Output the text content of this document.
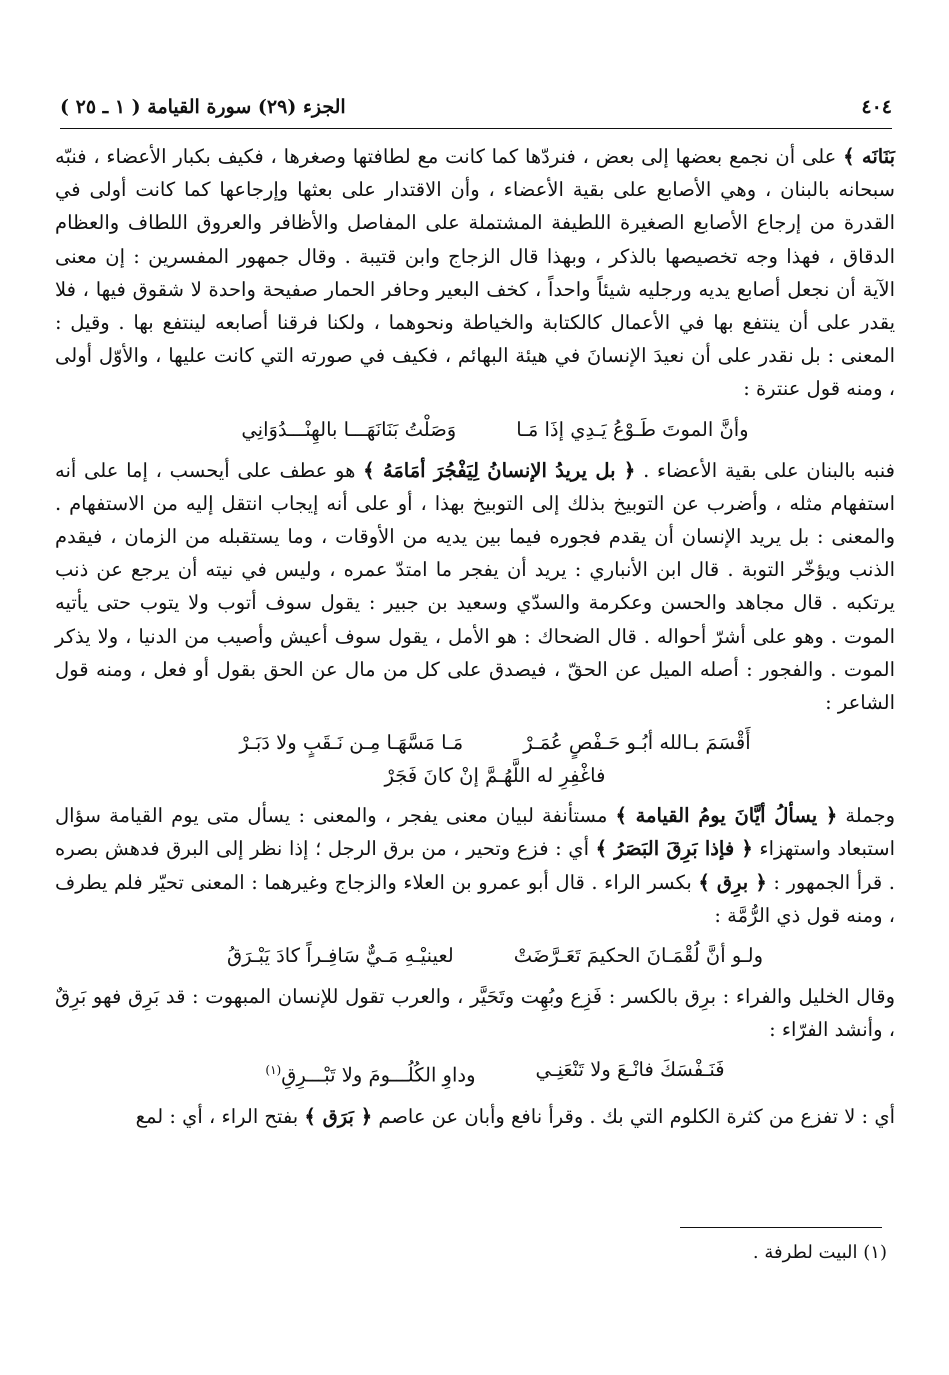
٤٠٤
الجزء (٢٩) سورة القيامة ( ١ ـ ٢٥ )

بَنَانَه ﴾ على أن نجمع بعضها إلى بعض ، فنردّها كما كانت مع لطافتها وصغرها ، فكيف بكبار الأعضاء ، فنبّه سبحانه بالبنان ، وهي الأصابع على بقية الأعضاء ، وأن الاقتدار على بعثها وإرجاعها كما كانت أولى في القدرة من إرجاع الأصابع الصغيرة اللطيفة المشتملة على المفاصل والأظافر والعروق اللطاف والعظام الدقاق ، فهذا وجه تخصيصها بالذكر ، وبهذا قال الزجاج وابن قتيبة . وقال جمهور المفسرين : إن معنى الآية أن نجعل أصابع يديه ورجليه شيئاً واحداً ، كخف البعير وحافر الحمار صفيحة واحدة لا شقوق فيها ، فلا يقدر على أن ينتفع بها في الأعمال كالكتابة والخياطة ونحوهما ، ولكنا فرقنا أصابعه لينتفع بها . وقيل : المعنى : بل نقدر على أن نعيدَ الإنسانَ في هيئة البهائم ، فكيف في صورته التي كانت عليها ، والأوّل أولى ، ومنه قول عنترة :

وأنَّ الموتَ طَـوْعُ يَـدِي إذَا مَـا
وَصَلْتُ بَنَانَهَـــا بالهِنْـــدُوَانِي

فنبه بالبنان على بقية الأعضاء . ﴿ بل يريدُ الإنسانُ لِيَفْجُرَ أمَامَهُ ﴾ هو عطف على أيحسب ، إما على أنه استفهام مثله ، وأضرب عن التوبيخ بذلك إلى التوبيخ بهذا ، أو على أنه إيجاب انتقل إليه من الاستفهام . والمعنى : بل يريد الإنسان أن يقدم فجوره فيما بين يديه من الأوقات ، وما يستقبله من الزمان ، فيقدم الذنب ويؤخّر التوبة . قال ابن الأنباري : يريد أن يفجر ما امتدّ عمره ، وليس في نيته أن يرجع عن ذنب يرتكبه . قال مجاهد والحسن وعكرمة والسدّي وسعيد بن جبير : يقول سوف أتوب ولا يتوب حتى يأتيه الموت . وهو على أشرّ أحواله . قال الضحاك : هو الأمل ، يقول سوف أعيش وأصيب من الدنيا ، ولا يذكر الموت . والفجور : أصله الميل عن الحقّ ، فيصدق على كل من مال عن الحق بقول أو فعل ، ومنه قول الشاعر :

أَقْسَمَ بـالله أبُـو حَـفْصٍ عُمَـرْ
مَـا مَسَّهَـا مِـن نَـقَبٍ ولا دَبَـرْ
فاغْفِرِ له اللَّهُـمَّ إنْ كانَ فَجَرْ

وجملة ﴿ يسألُ أيَّانَ يومُ القيامة ﴾ مستأنفة لبيان معنى يفجر ، والمعنى : يسأل متى يوم القيامة سؤال استبعاد واستهزاء ﴿ فإذا بَرِقَ البَصَرُ ﴾ أي : فزع وتحير ، من برق الرجل ؛ إذا نظر إلى البرق فدهش بصره . قرأ الجمهور : ﴿ برِق ﴾ بكسر الراء . قال أبو عمرو بن العلاء والزجاج وغيرهما : المعنى تحيّر فلم يطرف ، ومنه قول ذي الرُّمَّة :

ولـو أنَّ لُقْمَـانَ الحكيمَ تَعَـرَّضَتْ
لعينيْـهِ مَـيٌّ سَافِـراً كادَ يَبْـرَقُ

وقال الخليل والفراء : برِق بالكسر : فَزِع وبُهِت وتَحَيَّر ، والعرب تقول للإنسان المبهوت : قد بَرِق فهو بَرِقٌ ، وأنشد الفرّاء :

فَنَـفْسَكَ فانْـعَ ولا تَنْعَنِـي
وداوِ الكُلُـــومَ ولا تَبْـــرِقِ$^{(١)}$

أي : لا تفزع من كثرة الكلوم التي بك . وقرأ نافع وأبان عن عاصم ﴿ بَرَق ﴾ بفتح الراء ، أي : لمع

(١) البيت لطرفة .
